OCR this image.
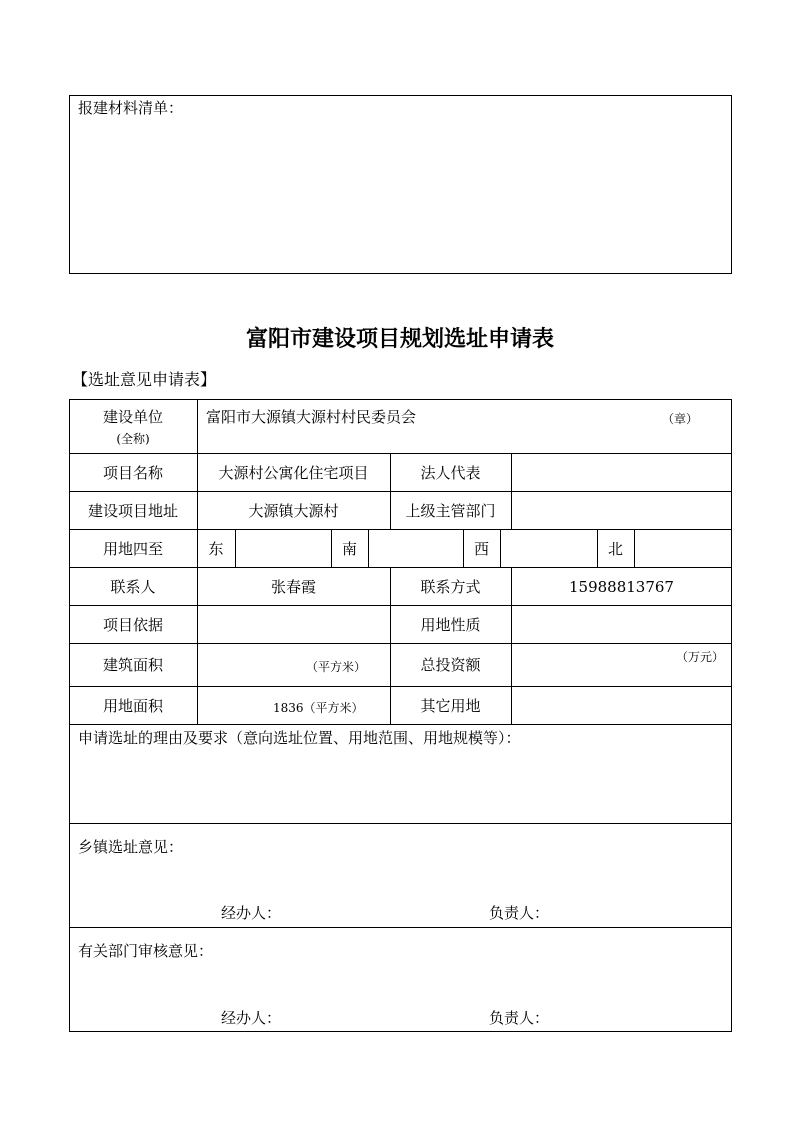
报建材料清单：
富阳市建设项目规划选址申请表
【选址意见申请表】
建设单位
(全称)
富阳市大源镇大源村村民委员会	（章）
项目名称	大源村公寓化住宅项目	法人代表
建设项目地址	大源镇大源村	上级主管部门
用地四至	东	南	西	北
联系人	张春霞	联系方式	15988813767
项目依据	用地性质
建筑面积	（平方米）	总投资额	（万元）
用地面积	1836（平方米）	其它用地
申请选址的理由及要求（意向选址位置、用地范围、用地规模等）：
乡镇选址意见：
经办人：	负责人：
有关部门审核意见：
经办人：	负责人：
